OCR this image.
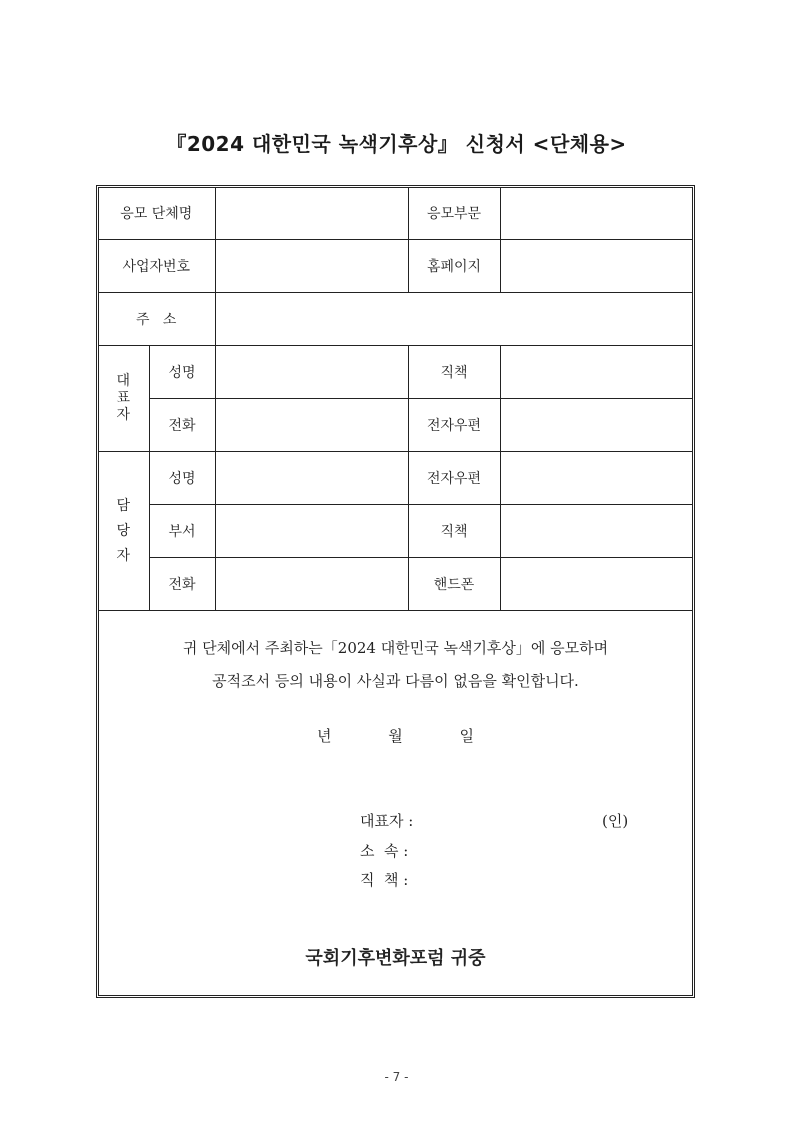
『2024 대한민국 녹색기후상』 신청서 <단체용>
응모 단체명			응모부문	
사업자번호			홈페이지	
주   소				

대
표
자	성명		직책	
	전화		전자우편	

담
당
자	성명		전자우편	
	부서		직책	
	전화		핸드폰	
귀 단체에서 주최하는「2024 대한민국 녹색기후상」에 응모하며
공적조서 등의 내용이 사실과 다름이 없음을 확인합니다.
년	월	일
대표자 :	(인)
소  속 :
직  책 :
국회기후변화포럼 귀중
- 7 -
